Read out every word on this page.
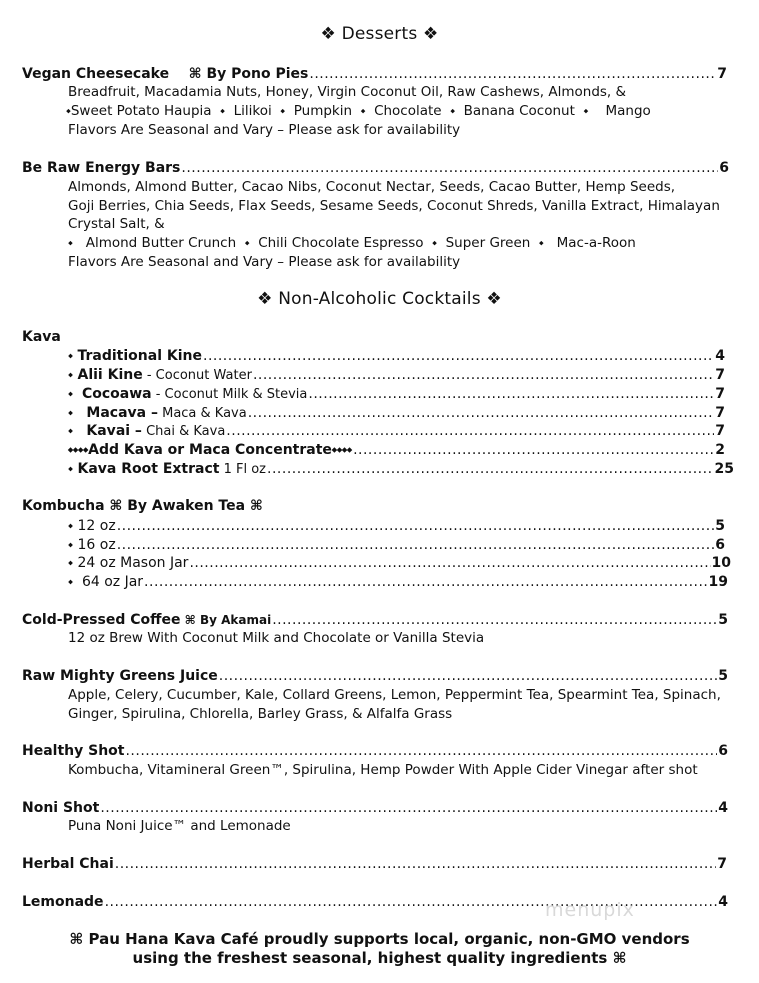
❖ Desserts ❖
Vegan Cheesecake ⌘ By Pono Pies .....	7
Breadfruit, Macadamia Nuts, Honey, Virgin Coconut Oil, Raw Cashews, Almonds, &
⬩Sweet Potato Haupia  ⬩  Lilikoi  ⬩  Pumpkin  ⬩  Chocolate  ⬩  Banana Coconut  ⬩    Mango
Flavors Are Seasonal and Vary – Please ask for availability
Be Raw Energy Bars .....	6
Almonds, Almond Butter, Cacao Nibs, Coconut Nectar, Seeds, Cacao Butter, Hemp Seeds,
Goji Berries, Chia Seeds, Flax Seeds, Sesame Seeds, Coconut Shreds, Vanilla Extract, Himalayan
Crystal Salt, &
⬩   Almond Butter Crunch  ⬩  Chili Chocolate Espresso  ⬩  Super Green  ⬩   Mac-a-Roon
Flavors Are Seasonal and Vary – Please ask for availability
❖ Non-Alcoholic Cocktails ❖
Kava
⬩ Traditional Kine .....	4
⬩ Alii Kine - Coconut Water .....	7
⬩  Cocoawa - Coconut Milk & Stevia .....	7
⬩   Macava – Maca & Kava .....	7
⬩   Kavai – Chai & Kava .....	7
⬩⬩⬩⬩Add Kava or Maca Concentrate⬩⬩⬩⬩ .....	2
⬩ Kava Root Extract 1 Fl oz .....	25
Kombucha ⌘ By Awaken Tea ⌘
⬩ 12 oz .....	5
⬩ 16 oz .....	6
⬩ 24 oz Mason Jar .....	10
⬩  64 oz Jar .....	19
Cold-Pressed Coffee ⌘ By Akamai .....	5
12 oz Brew With Coconut Milk and Chocolate or Vanilla Stevia
Raw Mighty Greens Juice .....	5
Apple, Celery, Cucumber, Kale, Collard Greens, Lemon, Peppermint Tea, Spearmint Tea, Spinach,
Ginger, Spirulina, Chlorella, Barley Grass, & Alfalfa Grass
Healthy Shot .....	6
Kombucha, Vitamineral Green™, Spirulina, Hemp Powder With Apple Cider Vinegar after shot
Noni Shot .....	4
Puna Noni Juice™ and Lemonade
Herbal Chai .....	7
Lemonade .....	4
menupix
⌘ Pau Hana Kava Café proudly supports local, organic, non-GMO vendors
using the freshest seasonal, highest quality ingredients ⌘
